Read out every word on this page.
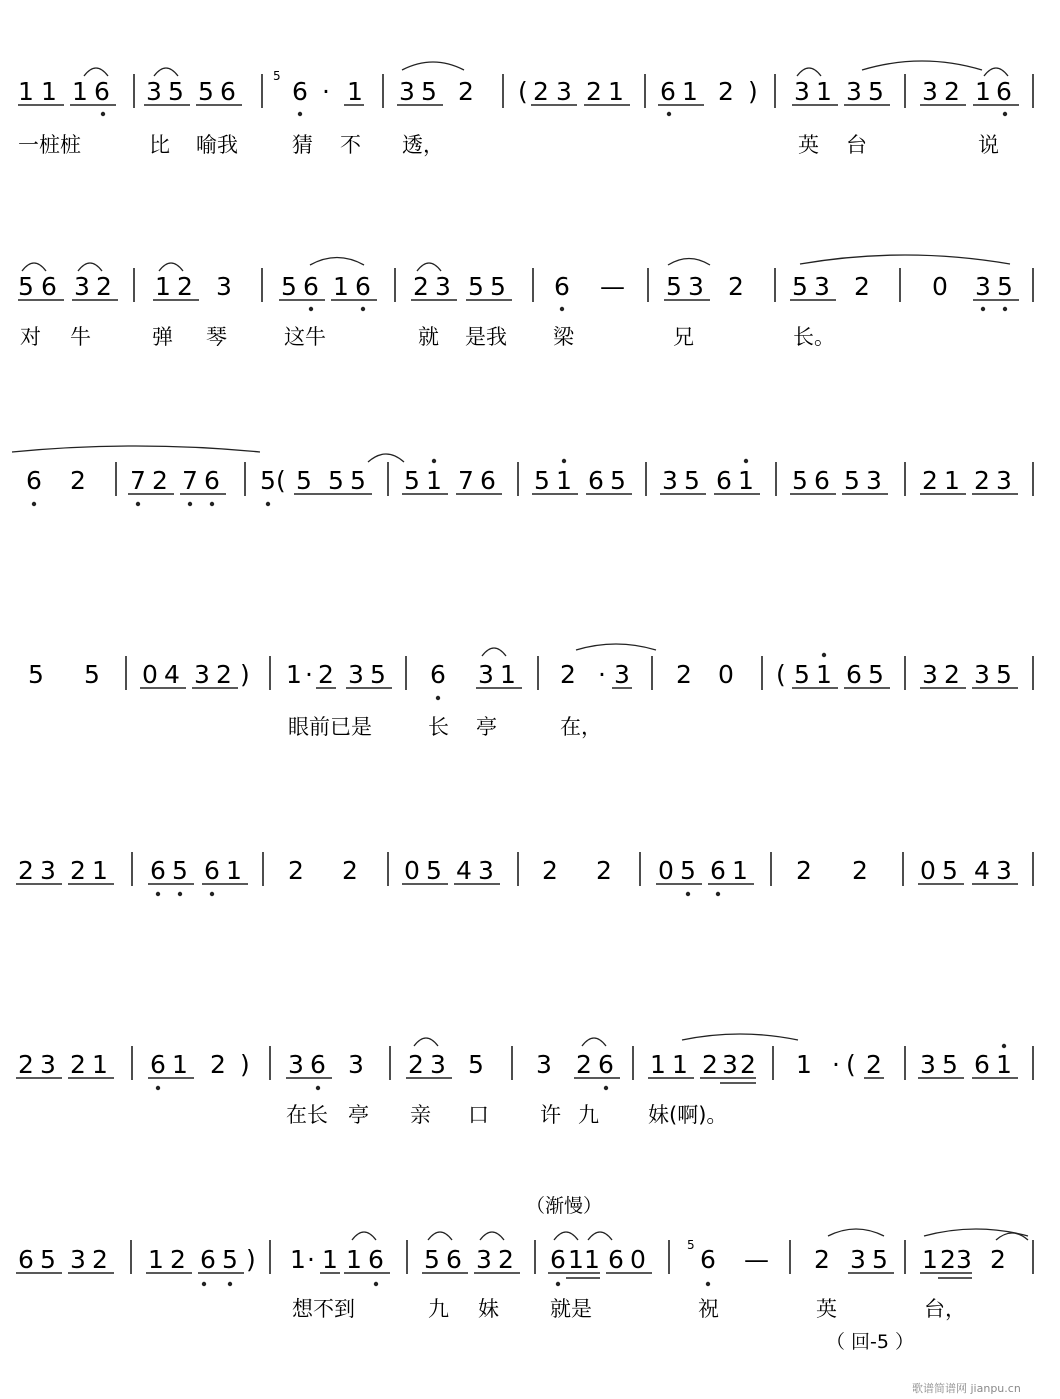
1 1 1 6 3 5 5 6 6 · 1 3 5 2 ( 2 3 2 1 6 1 2 ) 3 1 3 5 3 2 1 6
5
一桩桩	比 喻我	猜 不 透，	英 台	说
5 6 3 2 1 2 3 5 6 1 6 2 3 5 5 6 — 5 3 2 5 3 2 0 3 5
对 牛	弹 琴	这牛	就 是我 梁	兄	长。
6 2 7 2 7 6 5 ( 5 5 5 5 1 7 6 5 1 6 5 3 5 6 1 5 6 5 3 2 1 2 3
5 5 0 4 3 2 ) 1 · 2 3 5 6 3 1 2 · 3 2 0 ( 5 1 6 5 3 2 3 5
眼前已是	长 亭	在，
2 3 2 1 6 5 6 1 2 2 0 5 4 3 2 2 0 5 6 1 2 2 0 5 4 3
2 3 2 1 6 1 2 ) 3 6 3 2 3 5 3 2 6 1 1 2 3 2 1 · ( 2 3 5 6 1
在长 亭 亲 口 许 九 妹(啊)。
（渐慢）
6 5 3 2 1 2 6 5 ) 1 · 1 1 6 5 6 3 2 6 1 1 6 0 6 — 2 3 5 1 2 3 2
5
想不到	九 妹 就是	祝	英	台，
（ 回-5 ）
歌谱简谱网 jianpu.cn
